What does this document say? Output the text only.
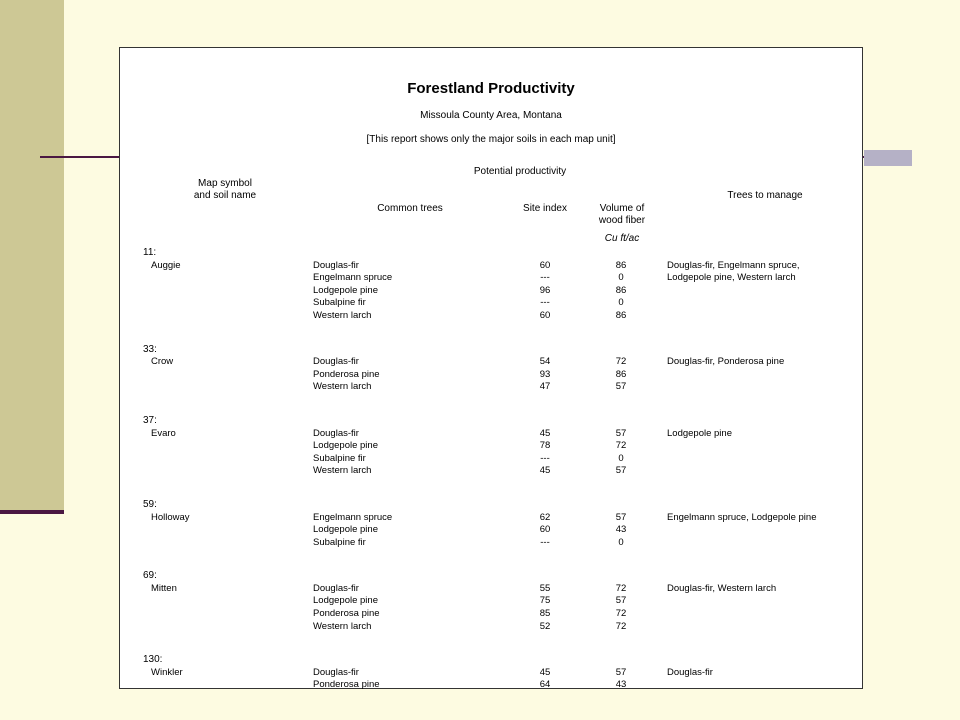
Forestland Productivity
Missoula County Area, Montana
[This report shows only the major soils in each map unit]
Potential productivity
Map symbol
and soil name
Common trees	Site index	Volume of
wood fiber
Cu ft/ac
Trees to manage
11:
Auggie	Douglas-fir	60	86	Douglas-fir, Engelmann spruce,
Engelmann spruce	---	0	Lodgepole pine, Western larch
Lodgepole pine	96	86
Subalpine fir	---	0
Western larch	60	86
33:
Crow	Douglas-fir	54	72	Douglas-fir, Ponderosa pine
Ponderosa pine	93	86
Western larch	47	57
37:
Evaro	Douglas-fir	45	57	Lodgepole pine
Lodgepole pine	78	72
Subalpine fir	---	0
Western larch	45	57
59:
Holloway	Engelmann spruce	62	57	Engelmann spruce, Lodgepole pine
Lodgepole pine	60	43
Subalpine fir	---	0
69:
Mitten	Douglas-fir	55	72	Douglas-fir, Western larch
Lodgepole pine	75	57
Ponderosa pine	85	72
Western larch	52	72
130:
Winkler	Douglas-fir	45	57	Douglas-fir
Ponderosa pine	64	43
